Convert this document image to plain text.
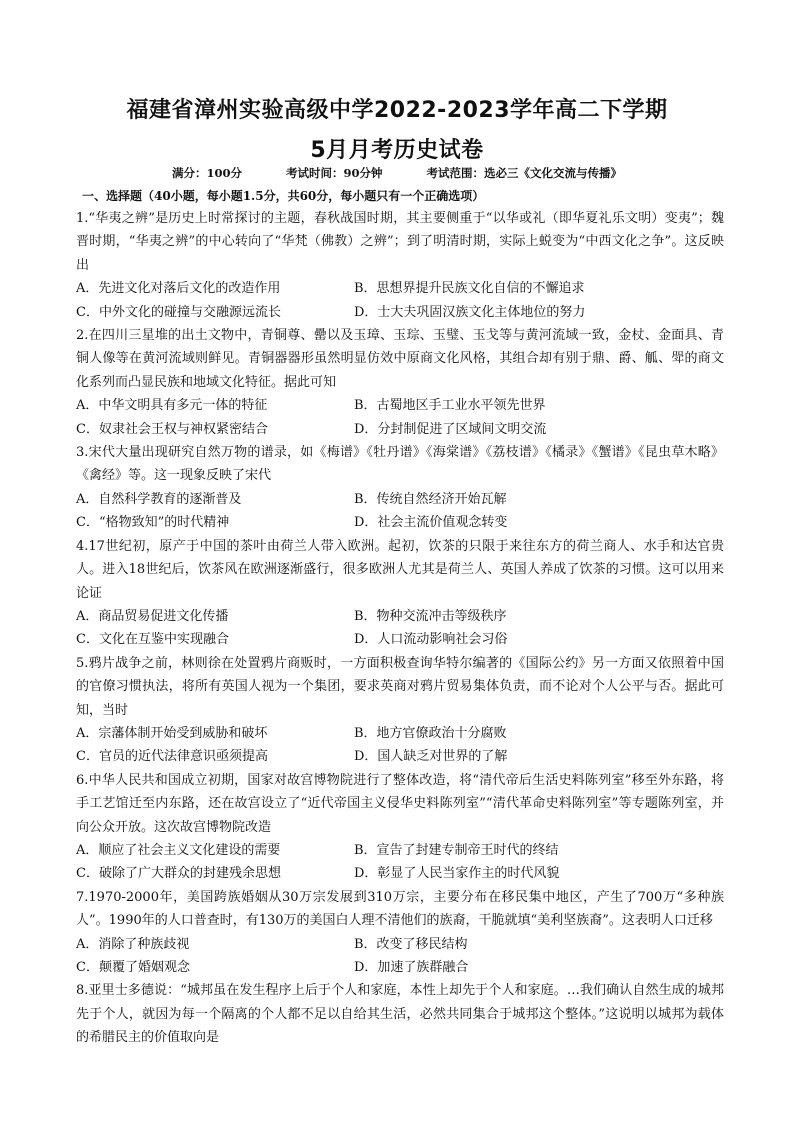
福建省漳州实验高级中学2022-2023学年高二下学期
5月月考历史试卷
满分：100分	考试时间：90分钟	考试范围：选必三《文化交流与传播》
一、选择题（40小题，每小题1.5分，共60分，每小题只有一个正确选项）
1.“华夷之辨”是历史上时常探讨的主题，春秋战国时期，其主要侧重于“以华或礼（即华夏礼乐文明）变夷”；魏晋时期，“华夷之辨”的中心转向了“华梵（佛教）之辨”；到了明清时期，实际上蜕变为“中西文化之争”。这反映出
A．先进文化对落后文化的改造作用	B．思想界提升民族文化自信的不懈追求
C．中外文化的碰撞与交融源远流长	D．士大夫巩固汉族文化主体地位的努力
2.在四川三星堆的出土文物中，青铜尊、罍以及玉璋、玉琮、玉璧、玉戈等与黄河流域一致，金杖、金面具、青铜人像等在黄河流域则鲜见。青铜器器形虽然明显仿效中原商文化风格，其组合却有别于鼎、爵、觚、斝的商文化系列而凸显民族和地域文化特征。据此可知
A．中华文明具有多元一体的特征	B．古蜀地区手工业水平领先世界
C．奴隶社会王权与神权紧密结合	D．分封制促进了区域间文明交流
3.宋代大量出现研究自然万物的谱录，如《梅谱》《牡丹谱》《海棠谱》《荔枝谱》《橘录》《蟹谱》《昆虫草木略》《禽经》等。这一现象反映了宋代
A．自然科学教育的逐渐普及	B．传统自然经济开始瓦解
C．“格物致知”的时代精神	D．社会主流价值观念转变
4.17世纪初，原产于中国的茶叶由荷兰人带入欧洲。起初，饮茶的只限于来往东方的荷兰商人、水手和达官贵人。进入18世纪后，饮茶风在欧洲逐渐盛行，很多欧洲人尤其是荷兰人、英国人养成了饮茶的习惯。这可以用来论证
A．商品贸易促进文化传播	B．物种交流冲击等级秩序
C．文化在互鉴中实现融合	D．人口流动影响社会习俗
5.鸦片战争之前，林则徐在处置鸦片商贩时，一方面积极查询华特尔编著的《国际公约》另一方面又依照着中国的官僚习惯执法，将所有英国人视为一个集团，要求英商对鸦片贸易集体负责，而不论对个人公平与否。据此可知，当时
A．宗藩体制开始受到威胁和破坏	B．地方官僚政治十分腐败
C．官员的近代法律意识亟须提高	D．国人缺乏对世界的了解
6.中华人民共和国成立初期，国家对故宫博物院进行了整体改造，将“清代帝后生活史料陈列室”移至外东路，将手工艺馆迁至内东路，还在故宫设立了“近代帝国主义侵华史料陈列室”“清代革命史料陈列室”等专题陈列室，并向公众开放。这次故宫博物院改造
A．顺应了社会主义文化建设的需要	B．宣告了封建专制帝王时代的终结
C．破除了广大群众的封建残余思想	D．彰显了人民当家作主的时代风貌
7.1970-2000年，美国跨族婚姻从30万宗发展到310万宗，主要分布在移民集中地区，产生了700万“多种族人”。1990年的人口普查时，有130万的美国白人理不清他们的族裔，干脆就填“美利坚族裔”。这表明人口迁移
A．消除了种族歧视	B．改变了移民结构
C．颠覆了婚姻观念	D．加速了族群融合
8.亚里士多德说：“城邦虽在发生程序上后于个人和家庭，本性上却先于个人和家庭。…我们确认自然生成的城邦先于个人，就因为每一个隔离的个人都不足以自给其生活，必然共同集合于城邦这个整体。”这说明以城邦为载体的希腊民主的价值取向是
